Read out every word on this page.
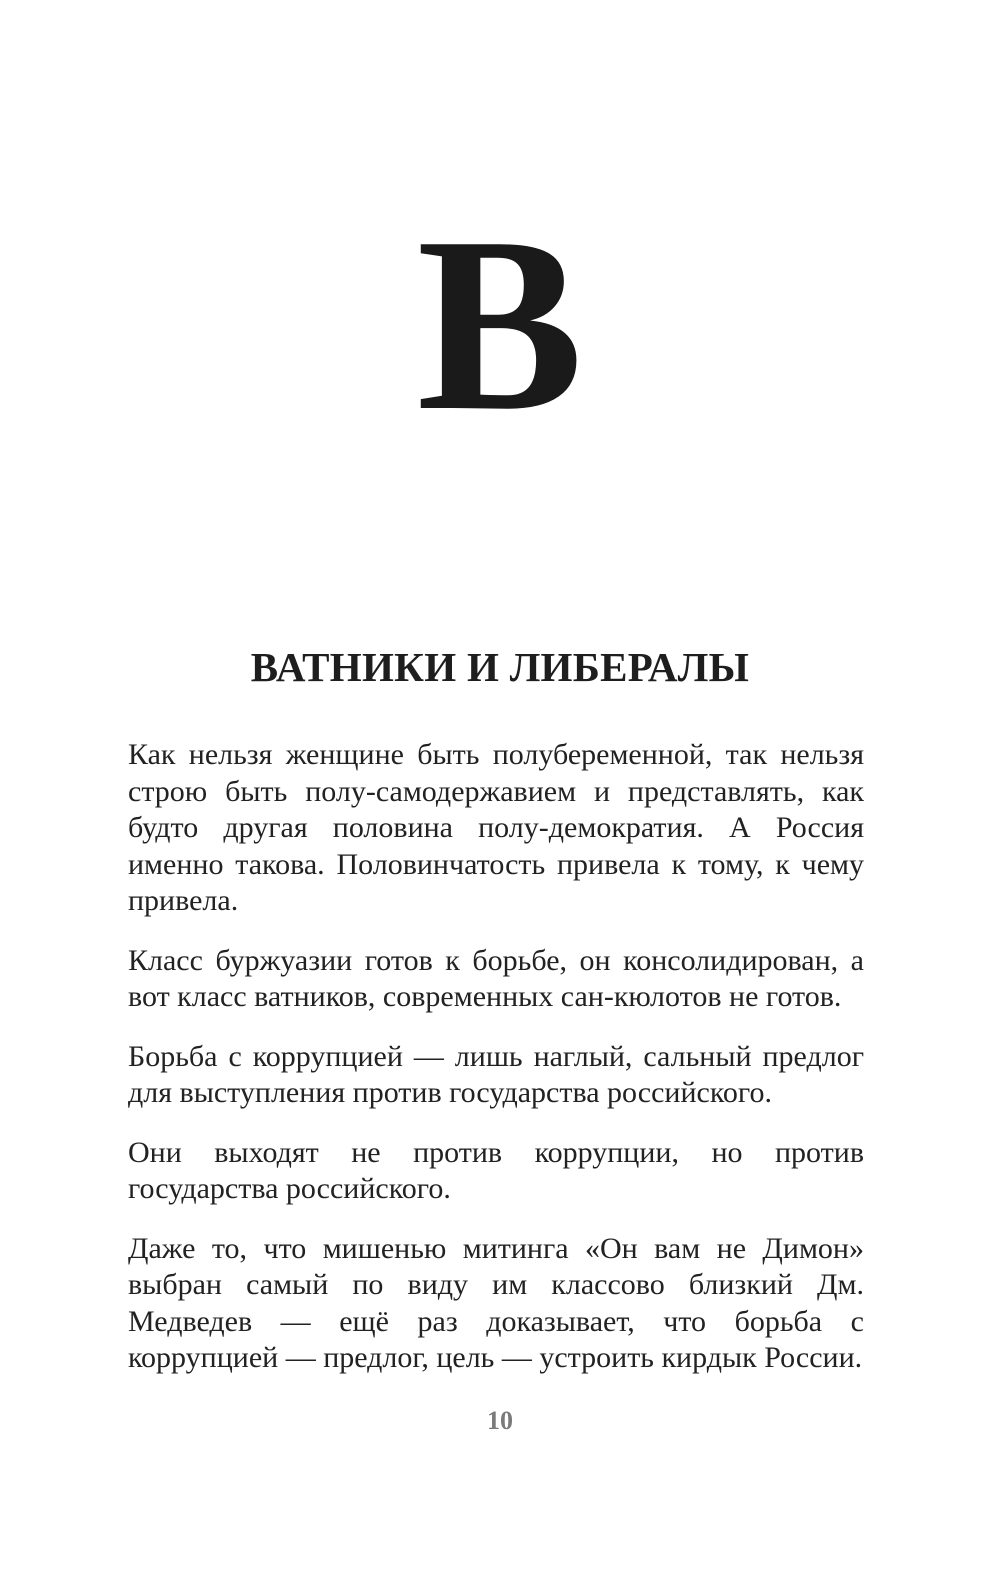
В
ВАТНИКИ И ЛИБЕРАЛЫ

Как нельзя женщине быть полубеременной, так нельзя строю быть полу-самодержавием и представлять, как будто другая половина полу-демократия. А Россия именно такова. Половинчатость привела к тому, к чему привела.

Класс буржуазии готов к борьбе, он консолидирован, а вот класс ватников, современных сан-кюлотов не готов.

Борьба с коррупцией — лишь наглый, сальный предлог для выступления против государства российского.

Они выходят не против коррупции, но против государства российского.

Даже то, что мишенью митинга «Он вам не Димон» выбран самый по виду им классово близкий Дм. Медведев — ещё раз доказывает, что борьба с коррупцией — предлог, цель — устроить кирдык России.

10
